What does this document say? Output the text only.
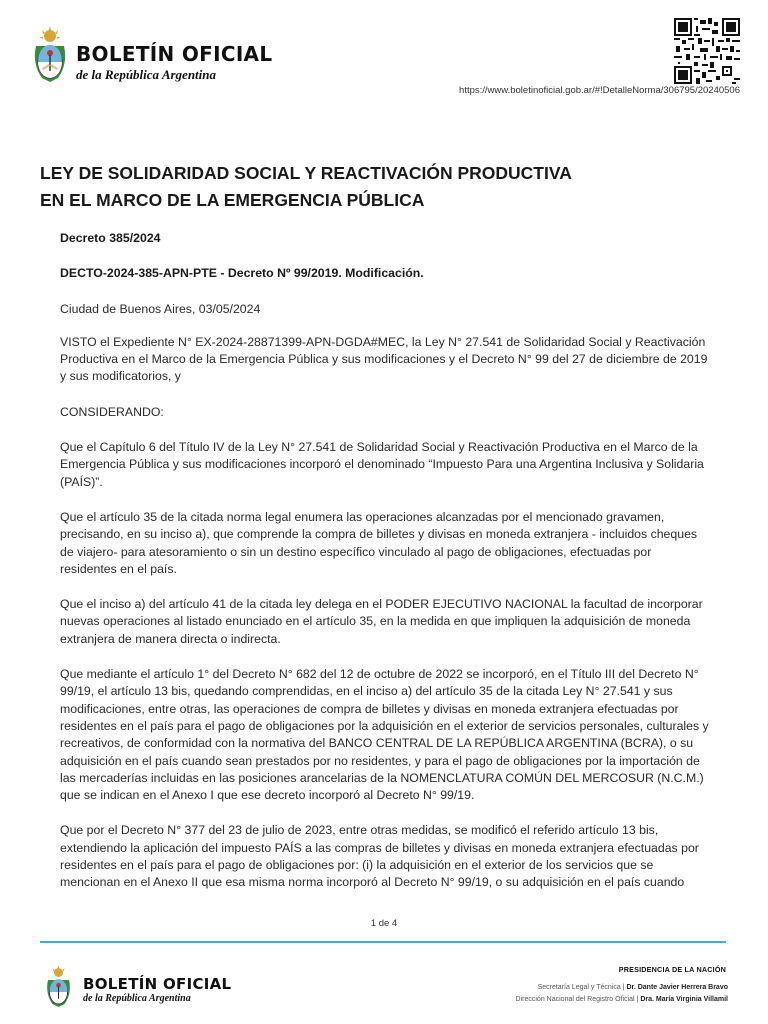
BOLETÍN OFICIAL
de la República Argentina
https://www.boletinoficial.gob.ar/#!DetalleNorma/306795/20240506
LEY DE SOLIDARIDAD SOCIAL Y REACTIVACIÓN PRODUCTIVA
EN EL MARCO DE LA EMERGENCIA PÚBLICA

Decreto 385/2024

DECTO-2024-385-APN-PTE - Decreto Nº 99/2019. Modificación.

Ciudad de Buenos Aires, 03/05/2024

VISTO el Expediente N° EX-2024-28871399-APN-DGDA#MEC, la Ley N° 27.541 de Solidaridad Social y Reactivación Productiva en el Marco de la Emergencia Pública y sus modificaciones y el Decreto N° 99 del 27 de diciembre de 2019 y sus modificatorios, y

CONSIDERANDO:

Que el Capítulo 6 del Título IV de la Ley N° 27.541 de Solidaridad Social y Reactivación Productiva en el Marco de la Emergencia Pública y sus modificaciones incorporó el denominado “Impuesto Para una Argentina Inclusiva y Solidaria (PAÍS)”.

Que el artículo 35 de la citada norma legal enumera las operaciones alcanzadas por el mencionado gravamen, precisando, en su inciso a), que comprende la compra de billetes y divisas en moneda extranjera - incluidos cheques de viajero- para atesoramiento o sin un destino específico vinculado al pago de obligaciones, efectuadas por residentes en el país.

Que el inciso a) del artículo 41 de la citada ley delega en el PODER EJECUTIVO NACIONAL la facultad de incorporar nuevas operaciones al listado enunciado en el artículo 35, en la medida en que impliquen la adquisición de moneda extranjera de manera directa o indirecta.

Que mediante el artículo 1° del Decreto N° 682 del 12 de octubre de 2022 se incorporó, en el Título III del Decreto N° 99/19, el artículo 13 bis, quedando comprendidas, en el inciso a) del artículo 35 de la citada Ley N° 27.541 y sus modificaciones, entre otras, las operaciones de compra de billetes y divisas en moneda extranjera efectuadas por residentes en el país para el pago de obligaciones por la adquisición en el exterior de servicios personales, culturales y recreativos, de conformidad con la normativa del BANCO CENTRAL DE LA REPÚBLICA ARGENTINA (BCRA), o su adquisición en el país cuando sean prestados por no residentes, y para el pago de obligaciones por la importación de las mercaderías incluidas en las posiciones arancelarias de la NOMENCLATURA COMÚN DEL MERCOSUR (N.C.M.) que se indican en el Anexo I que ese decreto incorporó al Decreto N° 99/19.

Que por el Decreto N° 377 del 23 de julio de 2023, entre otras medidas, se modificó el referido artículo 13 bis, extendiendo la aplicación del impuesto PAÍS a las compras de billetes y divisas en moneda extranjera efectuadas por residentes en el país para el pago de obligaciones por: (i) la adquisición en el exterior de los servicios que se mencionan en el Anexo II que esa misma norma incorporó al Decreto N° 99/19, o su adquisición en el país cuando

1 de 4
BOLETÍN OFICIAL
de la República Argentina
PRESIDENCIA DE LA NACIÓN
Secretaría Legal y Técnica | Dr. Dante Javier Herrera Bravo
Dirección Nacional del Registro Oficial | Dra. María Virginia Villamil
